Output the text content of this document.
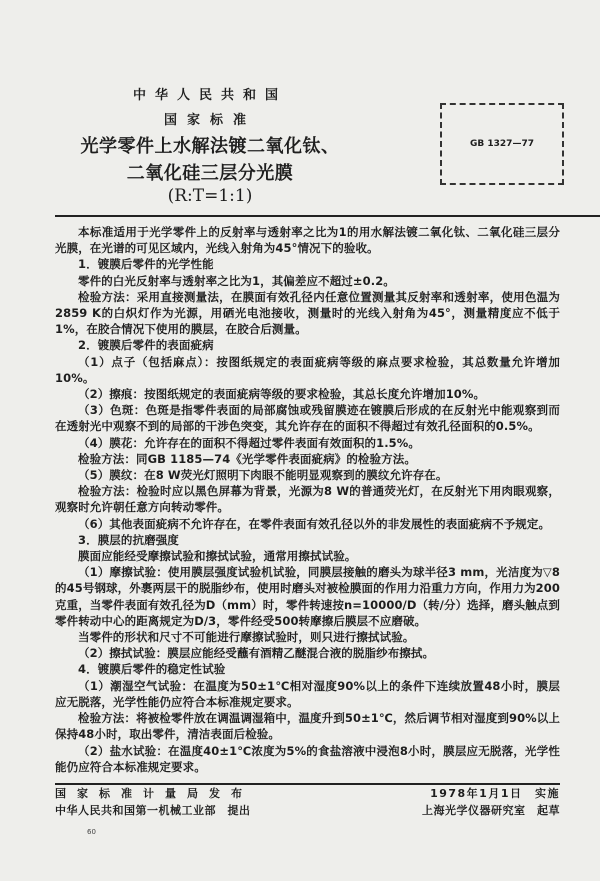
中华人民共和国
国家标准
光学零件上水解法镀二氧化钛、
二氧化硅三层分光膜
(R:T=1:1)
GB 1327—77

本标准适用于光学零件上的反射率与透射率之比为1的用水解法镀二氧化钛、二氧化硅三层分光膜，在光谱的可见区域内，光线入射角为45°情况下的验收。

1．镀膜后零件的光学性能

零件的白光反射率与透射率之比为1，其偏差应不超过±0.2。

检验方法：采用直接测量法，在膜面有效孔径内任意位置测量其反射率和透射率，使用色温为2859 K的白炽灯作为光源，用硒光电池接收，测量时的光线入射角为45°，测量精度应不低于1%，在胶合情况下使用的膜层，在胶合后测量。

2．镀膜后零件的表面疵病

（1）点子（包括麻点）：按图纸规定的表面疵病等级的麻点要求检验，其总数量允许增加10%。

（2）擦痕：按图纸规定的表面疵病等级的要求检验，其总长度允许增加10%。

（3）色斑：色斑是指零件表面的局部腐蚀或残留膜迹在镀膜后形成的在反射光中能观察到而在透射光中观察不到的局部的干涉色突变，其允许存在的面积不得超过有效孔径面积的0.5%。

（4）膜花：允许存在的面积不得超过零件表面有效面积的1.5%。

检验方法：同GB 1185—74《光学零件表面疵病》的检验方法。

（5）膜纹：在8 W荧光灯照明下肉眼不能明显观察到的膜纹允许存在。

检验方法：检验时应以黑色屏幕为背景，光源为8 W的普通荧光灯，在反射光下用肉眼观察，观察时允许朝任意方向转动零件。

（6）其他表面疵病不允许存在，在零件表面有效孔径以外的非发展性的表面疵病不予规定。

3．膜层的抗磨强度

膜面应能经受摩擦试验和擦拭试验，通常用擦拭试验。

（1）摩擦试验：使用膜层强度试验机试验，同膜层接触的磨头为球半径3 mm，光洁度为▽8的45号钢球，外裹两层干的脱脂纱布，使用时磨头对被检膜面的作用力沿重力方向，作用力为200克重，当零件表面有效孔径为D（mm）时，零件转速按n=10000/D（转/分）选择，磨头触点到零件转动中心的距离规定为D/3，零件经受500转摩擦后膜层不应磨破。

当零件的形状和尺寸不可能进行摩擦试验时，则只进行擦拭试验。

（2）擦拭试验：膜层应能经受蘸有酒精乙醚混合液的脱脂纱布擦拭。

4．镀膜后零件的稳定性试验

（1）潮湿空气试验：在温度为50±1℃相对湿度90%以上的条件下连续放置48小时，膜层应无脱落，光学性能仍应符合本标准规定要求。

检验方法：将被检零件放在调温调湿箱中，温度升到50±1℃，然后调节相对湿度到90%以上保持48小时，取出零件，清洁表面后检验。

（2）盐水试验：在温度40±1℃浓度为5%的食盐溶液中浸泡8小时，膜层应无脱落，光学性能仍应符合本标准规定要求。

国家标准计量局发布	1978年1月1日　实施
中华人民共和国第一机械工业部　提出	上海光学仪器研究室　起草
60
